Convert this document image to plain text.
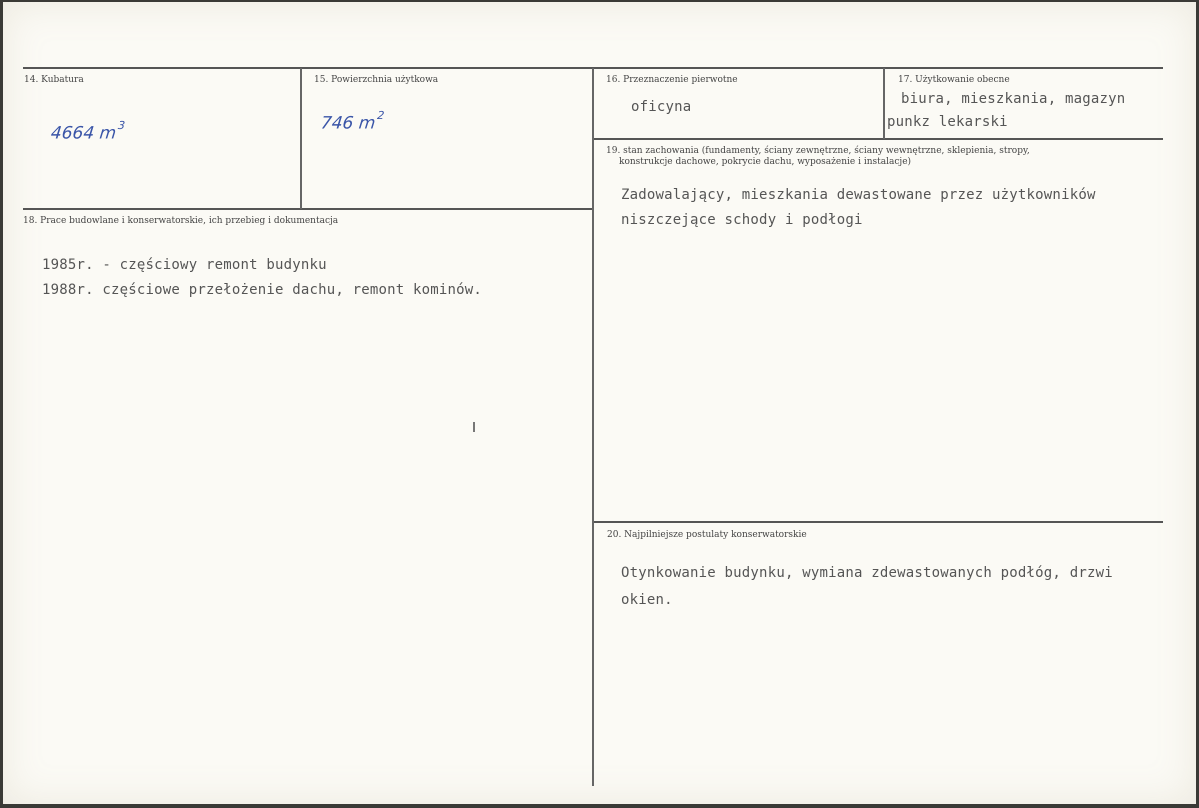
14. Kubatura
4664 $m^3$
15. Powierzchnia użytkowa
746 $m^2$
16. Przeznaczenie pierwotne
oficyna
17. Użytkowanie obecne
biura, mieszkania, magazyn
punkz lekarski
18. Prace budowlane i konserwatorskie, ich przebieg i dokumentacja
1985r. - częściowy remont budynku
1988r. częściowe przełożenie dachu, remont kominów.
19. stan zachowania (fundamenty, ściany zewnętrzne, ściany wewnętrzne, sklepienia, stropy,
konstrukcje dachowe, pokrycie dachu, wyposażenie i instalacje)
Zadowalający, mieszkania dewastowane przez użytkowników
niszczejące schody i podłogi
20. Najpilniejsze postulaty konserwatorskie
Otynkowanie budynku, wymiana zdewastowanych podłóg, drzwi
okien.
